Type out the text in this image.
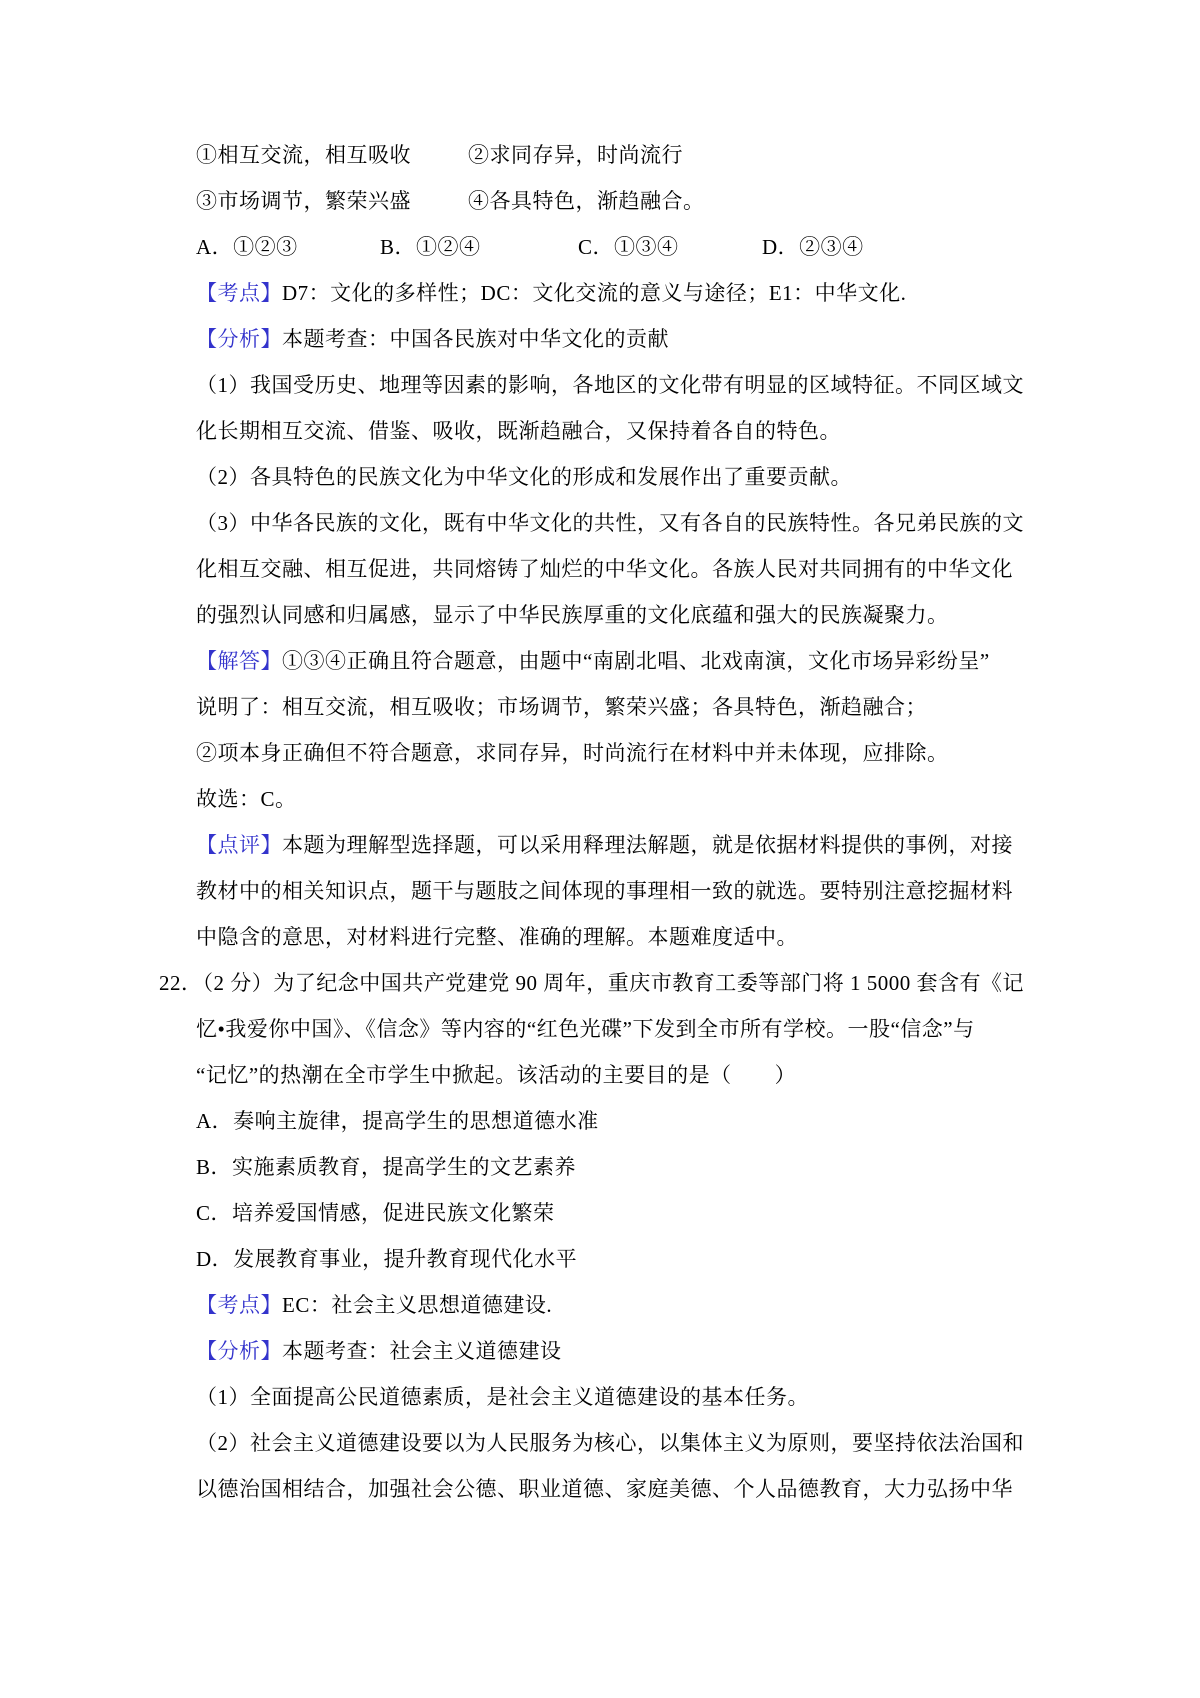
①相互交流，相互吸收	②求同存异，时尚流行
③市场调节，繁荣兴盛	④各具特色，渐趋融合。
A．①②③	B．①②④	C．①③④	D．②③④
【考点】D7：文化的多样性；DC：文化交流的意义与途径；E1：中华文化.
【分析】本题考查：中国各民族对中华文化的贡献
（1）我国受历史、地理等因素的影响，各地区的文化带有明显的区域特征。不同区域文
化长期相互交流、借鉴、吸收，既渐趋融合，又保持着各自的特色。
（2）各具特色的民族文化为中华文化的形成和发展作出了重要贡献。
（3）中华各民族的文化，既有中华文化的共性，又有各自的民族特性。各兄弟民族的文
化相互交融、相互促进，共同熔铸了灿烂的中华文化。各族人民对共同拥有的中华文化
的强烈认同感和归属感，显示了中华民族厚重的文化底蕴和强大的民族凝聚力。
【解答】①③④正确且符合题意，由题中“南剧北唱、北戏南演，文化市场异彩纷呈”
说明了：相互交流，相互吸收；市场调节，繁荣兴盛；各具特色，渐趋融合；
②项本身正确但不符合题意，求同存异，时尚流行在材料中并未体现，应排除。
故选：C。
【点评】本题为理解型选择题，可以采用释理法解题，就是依据材料提供的事例，对接
教材中的相关知识点，题干与题肢之间体现的事理相一致的就选。要特别注意挖掘材料
中隐含的意思，对材料进行完整、准确的理解。本题难度适中。
22．（2 分）为了纪念中国共产党建党 90 周年，重庆市教育工委等部门将 1 5000 套含有《记
忆•我爱你中国》、《信念》等内容的“红色光碟”下发到全市所有学校。一股“信念”与
“记忆”的热潮在全市学生中掀起。该活动的主要目的是（　　）
A．奏响主旋律，提高学生的思想道德水准
B．实施素质教育，提高学生的文艺素养
C．培养爱国情感，促进民族文化繁荣
D．发展教育事业，提升教育现代化水平
【考点】EC：社会主义思想道德建设.
【分析】本题考查：社会主义道德建设
（1）全面提高公民道德素质，是社会主义道德建设的基本任务。
（2）社会主义道德建设要以为人民服务为核心，以集体主义为原则，要坚持依法治国和
以德治国相结合，加强社会公德、职业道德、家庭美德、个人品德教育，大力弘扬中华
